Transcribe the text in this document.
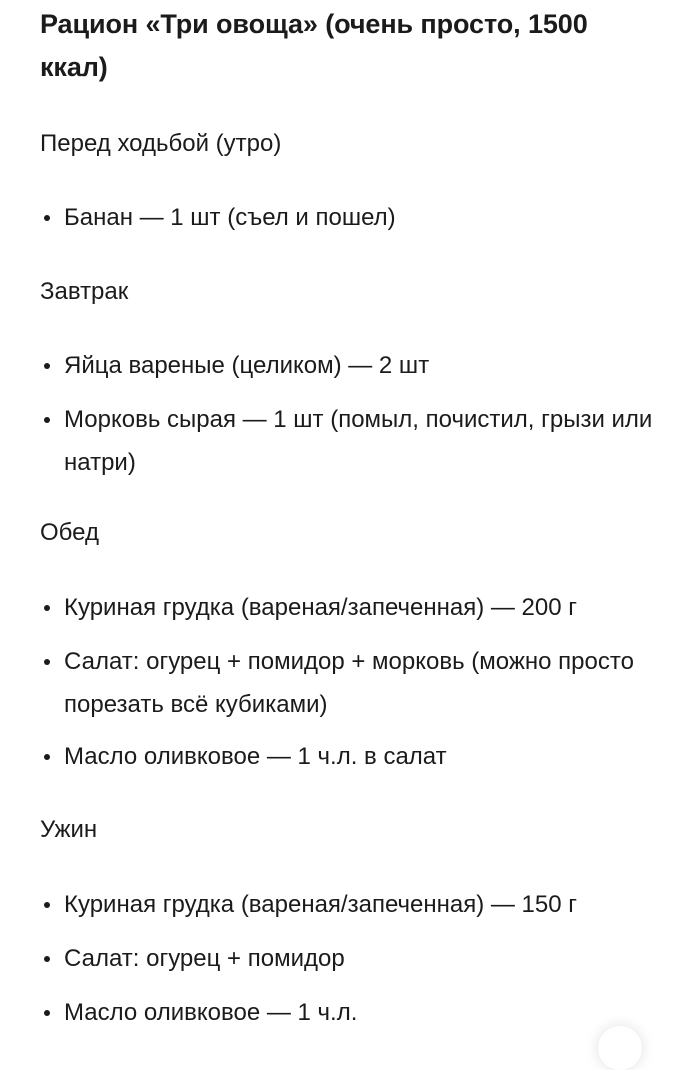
Рацион «Три овоща» (очень просто, 1500 ккал)
Перед ходьбой (утро)
Банан — 1 шт (съел и пошел)
Завтрак
Яйца вареные (целиком) — 2 шт
Морковь сырая — 1 шт (помыл, почистил, грызи или натри)
Обед
Куриная грудка (вареная/запеченная) — 200 г
Салат: огурец + помидор + морковь (можно просто порезать всё кубиками)
Масло оливковое — 1 ч.л. в салат
Ужин
Куриная грудка (вареная/запеченная) — 150 г
Салат: огурец + помидор
Масло оливковое — 1 ч.л.
